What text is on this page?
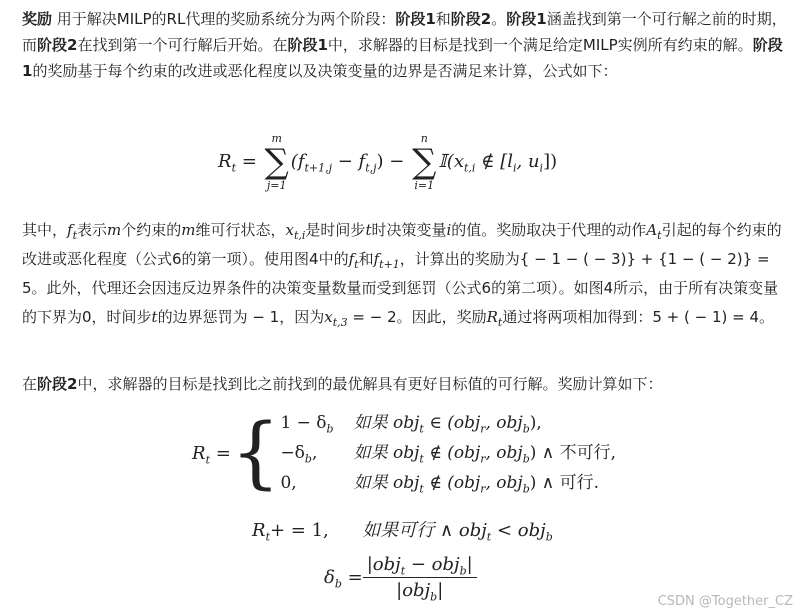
奖励 用于解决MILP的RL代理的奖励系统分为两个阶段：阶段1和阶段2。阶段1涵盖找到第一个可行解之前的时期，而阶段2在找到第一个可行解后开始。在阶段1中，求解器的目标是找到一个满足给定MILP实例所有约束的解。阶段1的奖励基于每个约束的改进或恶化程度以及决策变量的边界是否满足来计算，公式如下：

$R_t$ =
m
∑
j=1
$(f_{t+1,j} - f_{t,j})$ −
n
∑
i=1
$𝕀(x_{t,i}$ ∉ [$l_i$, $u_i$])

其中，$f_t$表示m个约束的m维可行状态，$x_{t,i}$是时间步t时决策变量i的值。奖励取决于代理的动作$A_t$引起的每个约束的改进或恶化程度（公式6的第一项）。使用图4中的$f_t$和$f_{t+1}$，计算出的奖励为{ − 1 − ( − 3)} + {1 − ( − 2)} = 5。此外，代理还会因违反边界条件的决策变量数量而受到惩罚（公式6的第二项）。如图4所示，由于所有决策变量的下界为0，时间步t的边界惩罚为 − 1，因为$x_{t,3}$ = − 2。因此，奖励$R_t$通过将两项相加得到：5 + ( − 1) = 4。

在阶段2中，求解器的目标是找到比之前找到的最优解具有更好目标值的可行解。奖励计算如下：

$R_t$ = { $1 - \delta_b$	如果 obj$_t$ ∈ (obj$_r$, obj$_b$),
$-\delta_b$,	如果 obj$_t$ ∉ (obj$_r$, obj$_b$) ∧ 不可行,
0,	如果 obj$_t$ ∉ (obj$_r$, obj$_b$) ∧ 可行.
$R_t+ = 1$, 如果可行 ∧ obj$_t$ < obj$_b$
$\delta_b = \frac{|obj_t - obj_b|}{|obj_b|}$
CSDN @Together_CZ
